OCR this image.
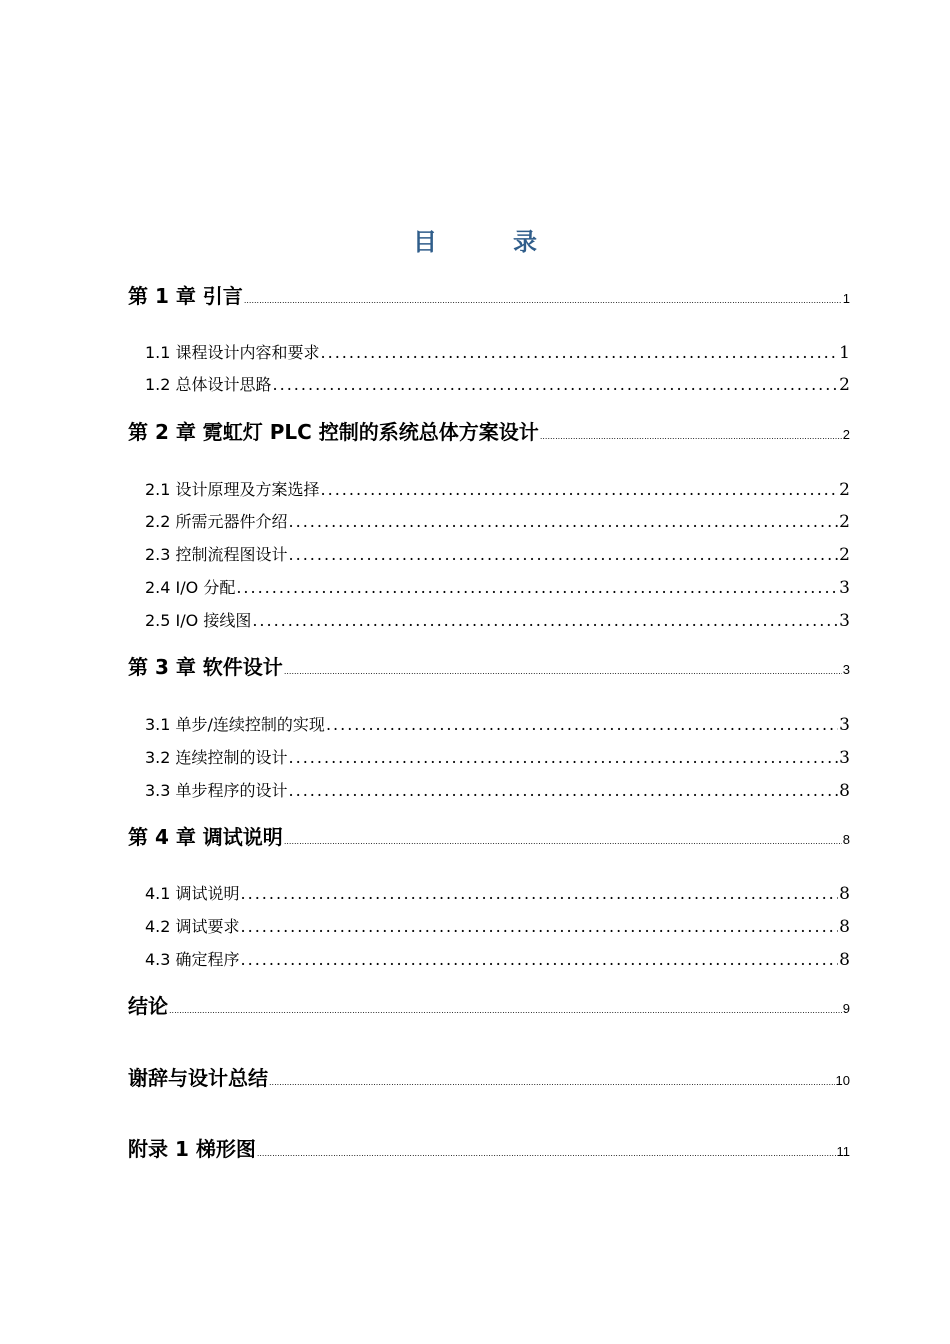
目　录
第 1 章 引言 .....	1
1.1 课程设计内容和要求 .....	1
1.2 总体设计思路 .....	2
第 2 章 霓虹灯 PLC 控制的系统总体方案设计 .....	2
2.1 设计原理及方案选择 .....	2
2.2 所需元器件介绍 .....	2
2.3 控制流程图设计 .....	2
2.4 I/O 分配 .....	3
2.5 I/O 接线图 .....	3
第 3 章 软件设计 .....	3
3.1 单步/连续控制的实现 .....	3
3.2 连续控制的设计 .....	3
3.3 单步程序的设计 .....	8
第 4 章 调试说明 .....	8
4.1 调试说明 .....	8
4.2 调试要求 .....	8
4.3 确定程序 .....	8
结论 .....	9
谢辞与设计总结 .....	10
附录 1 梯形图 .....	11
